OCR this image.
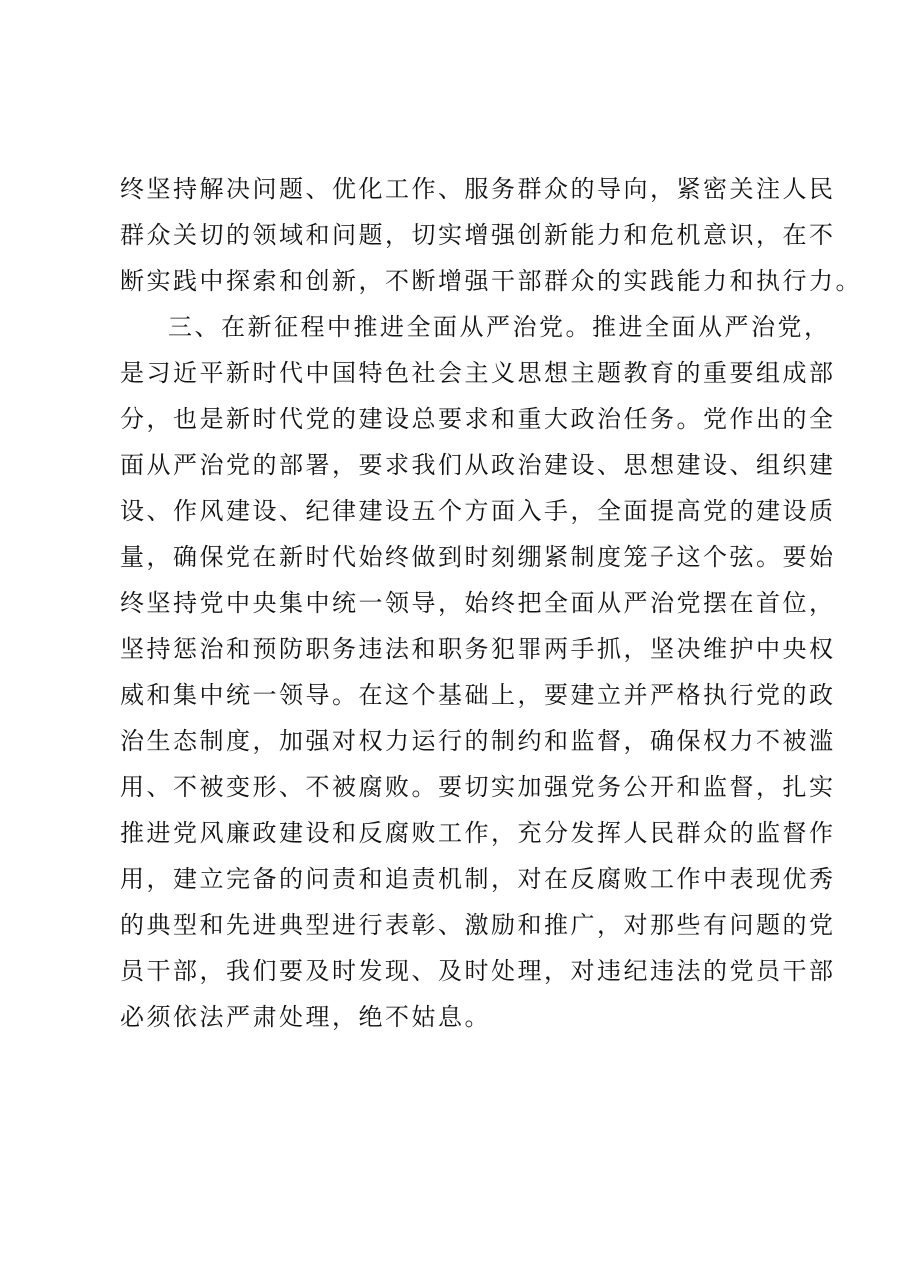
终坚持解决问题、优化工作、服务群众的导向，紧密关注人民
群众关切的领域和问题，切实增强创新能力和危机意识，在不
断实践中探索和创新，不断增强干部群众的实践能力和执行力。
三、在新征程中推进全面从严治党。推进全面从严治党，
是习近平新时代中国特色社会主义思想主题教育的重要组成部
分，也是新时代党的建设总要求和重大政治任务。党作出的全
面从严治党的部署，要求我们从政治建设、思想建设、组织建
设、作风建设、纪律建设五个方面入手，全面提高党的建设质
量，确保党在新时代始终做到时刻绷紧制度笼子这个弦。要始
终坚持党中央集中统一领导，始终把全面从严治党摆在首位，
坚持惩治和预防职务违法和职务犯罪两手抓，坚决维护中央权
威和集中统一领导。在这个基础上，要建立并严格执行党的政
治生态制度，加强对权力运行的制约和监督，确保权力不被滥
用、不被变形、不被腐败。要切实加强党务公开和监督，扎实
推进党风廉政建设和反腐败工作，充分发挥人民群众的监督作
用，建立完备的问责和追责机制，对在反腐败工作中表现优秀
的典型和先进典型进行表彰、激励和推广，对那些有问题的党
员干部，我们要及时发现、及时处理，对违纪违法的党员干部
必须依法严肃处理，绝不姑息。
